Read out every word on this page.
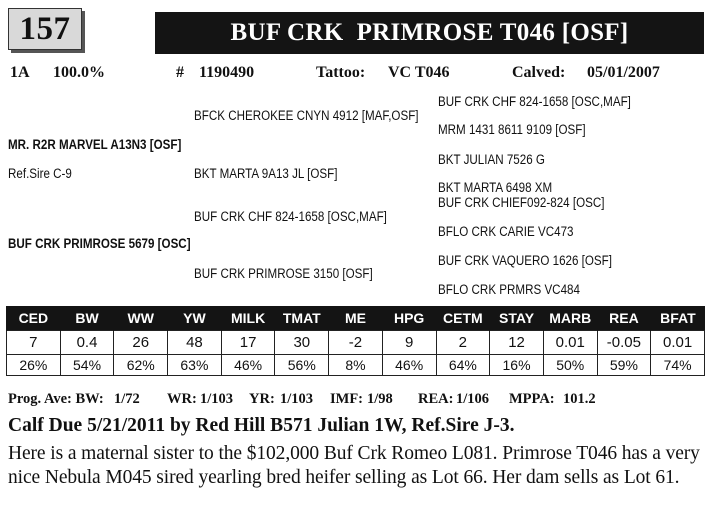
157	BUF CRK  PRIMROSE T046 [OSF]
1A 100.0%	# 1190490	Tattoo: VC T046	Calved: 05/01/2007
MR. R2R MARVEL A13N3 [OSF]
Ref.Sire C-9
BFCK CHEROKEE CNYN 4912 [MAF,OSF]
BKT MARTA 9A13 JL [OSF]
BUF CRK CHF 824-1658 [OSC,MAF]
MRM 1431 8611 9109 [OSF]
BKT JULIAN 7526 G
BKT MARTA 6498 XM
BUF CRK PRIMROSE 5679 [OSC]
BUF CRK CHF 824-1658 [OSC,MAF]
BUF CRK PRIMROSE 3150 [OSF]
BUF CRK CHIEF092-824 [OSC]
BFLO CRK CARIE VC473
BUF CRK VAQUERO 1626 [OSF]
BFLO CRK PRMRS VC484
CED	BW	WW	YW	MILK	TMAT	ME	HPG	CETM	STAY	MARB	REA	BFAT
7	0.4	26	48	17	30	-2	9	2	12	0.01	-0.05	0.01
26%	54%	62%	63%	46%	56%	8%	46%	64%	16%	50%	59%	74%
Prog. Ave: BW: 1/72 WR: 1/103 YR: 1/103 IMF: 1/98 REA: 1/106 MPPA: 101.2
Calf Due 5/21/2011 by Red Hill B571 Julian 1W, Ref.Sire J-3.
Here is a maternal sister to the $102,000 Buf Crk Romeo L081. Primrose T046 has a very nice Nebula M045 sired yearling bred heifer selling as Lot 66. Her dam sells as Lot 61.
